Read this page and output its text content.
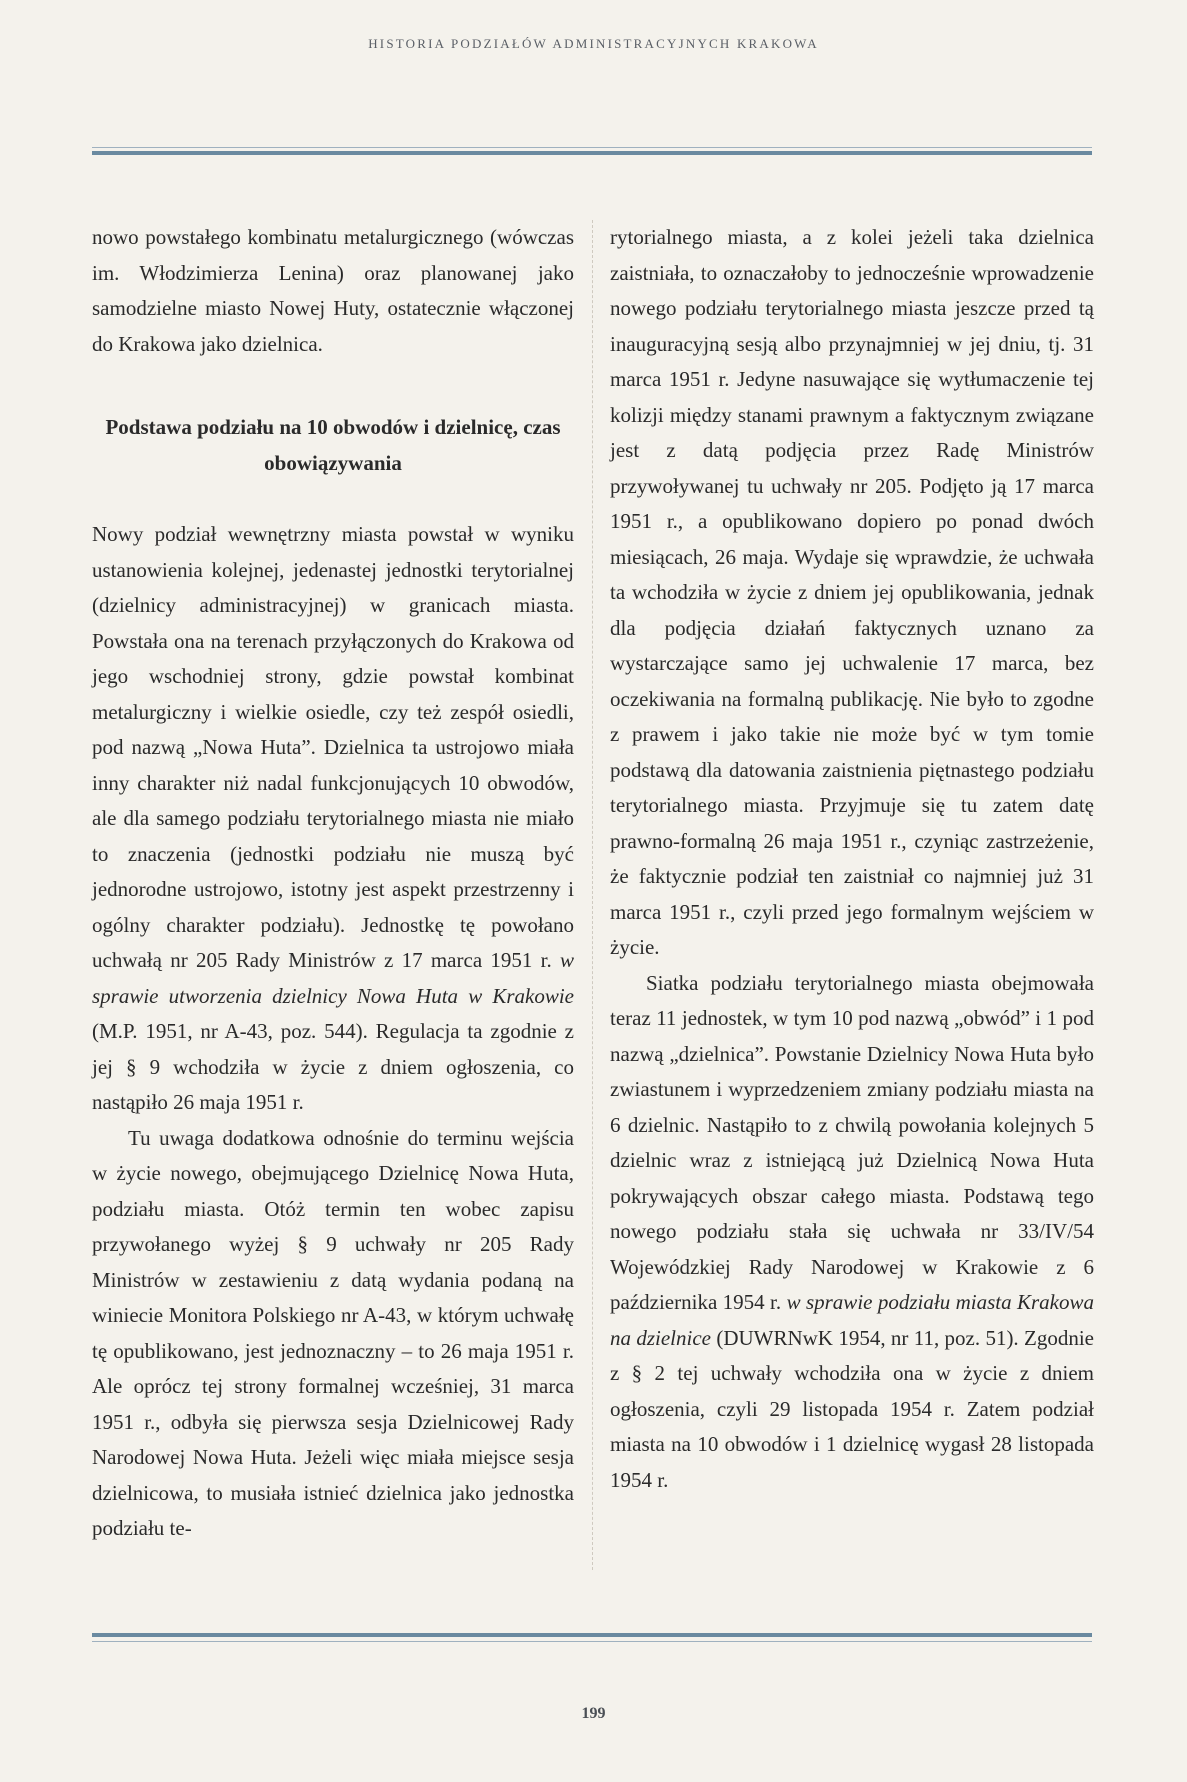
HISTORIA PODZIAŁÓW ADMINISTRACYJNYCH KRAKOWA

nowo powstałego kombinatu metalurgicznego (wówczas im. Włodzimierza Lenina) oraz planowanej jako samodzielne miasto Nowej Huty, ostatecznie włączonej do Krakowa jako dzielnica.

Podstawa podziału na 10 obwodów i dzielnicę, czas obowiązywania

Nowy podział wewnętrzny miasta powstał w wyniku ustanowienia kolejnej, jedenastej jednostki terytorialnej (dzielnicy administracyjnej) w granicach miasta. Powstała ona na terenach przyłączonych do Krakowa od jego wschodniej strony, gdzie powstał kombinat metalurgiczny i wielkie osiedle, czy też zespół osiedli, pod nazwą „Nowa Huta”. Dzielnica ta ustrojowo miała inny charakter niż nadal funkcjonujących 10 obwodów, ale dla samego podziału terytorialnego miasta nie miało to znaczenia (jednostki podziału nie muszą być jednorodne ustrojowo, istotny jest aspekt przestrzenny i ogólny charakter podziału). Jednostkę tę powołano uchwałą nr 205 Rady Ministrów z 17 marca 1951 r. w sprawie utworzenia dzielnicy Nowa Huta w Krakowie (M.P. 1951, nr A-43, poz. 544). Regulacja ta zgodnie z jej § 9 wchodziła w życie z dniem ogłoszenia, co nastąpiło 26 maja 1951 r.

Tu uwaga dodatkowa odnośnie do terminu wejścia w życie nowego, obejmującego Dzielnicę Nowa Huta, podziału miasta. Otóż termin ten wobec zapisu przywołanego wyżej § 9 uchwały nr 205 Rady Ministrów w zestawieniu z datą wydania podaną na winiecie Monitora Polskiego nr A-43, w którym uchwałę tę opublikowano, jest jednoznaczny – to 26 maja 1951 r. Ale oprócz tej strony formalnej wcześniej, 31 marca 1951 r., odbyła się pierwsza sesja Dzielnicowej Rady Narodowej Nowa Huta. Jeżeli więc miała miejsce sesja dzielnicowa, to musiała istnieć dzielnica jako jednostka podziału te-

rytorialnego miasta, a z kolei jeżeli taka dzielnica zaistniała, to oznaczałoby to jednocześnie wprowadzenie nowego podziału terytorialnego miasta jeszcze przed tą inauguracyjną sesją albo przynajmniej w jej dniu, tj. 31 marca 1951 r. Jedyne nasuwające się wytłumaczenie tej kolizji między stanami prawnym a faktycznym związane jest z datą podjęcia przez Radę Ministrów przywoływanej tu uchwały nr 205. Podjęto ją 17 marca 1951 r., a opublikowano dopiero po ponad dwóch miesiącach, 26 maja. Wydaje się wprawdzie, że uchwała ta wchodziła w życie z dniem jej opublikowania, jednak dla podjęcia działań faktycznych uznano za wystarczające samo jej uchwalenie 17 marca, bez oczekiwania na formalną publikację. Nie było to zgodne z prawem i jako takie nie może być w tym tomie podstawą dla datowania zaistnienia piętnastego podziału terytorialnego miasta. Przyjmuje się tu zatem datę prawno-formalną 26 maja 1951 r., czyniąc zastrzeżenie, że faktycznie podział ten zaistniał co najmniej już 31 marca 1951 r., czyli przed jego formalnym wejściem w życie.

Siatka podziału terytorialnego miasta obejmowała teraz 11 jednostek, w tym 10 pod nazwą „obwód” i 1 pod nazwą „dzielnica”. Powstanie Dzielnicy Nowa Huta było zwiastunem i wyprzedzeniem zmiany podziału miasta na 6 dzielnic. Nastąpiło to z chwilą powołania kolejnych 5 dzielnic wraz z istniejącą już Dzielnicą Nowa Huta pokrywających obszar całego miasta. Podstawą tego nowego podziału stała się uchwała nr 33/IV/54 Wojewódzkiej Rady Narodowej w Krakowie z 6 października 1954 r. w sprawie podziału miasta Krakowa na dzielnice (DUWRNwK 1954, nr 11, poz. 51). Zgodnie z § 2 tej uchwały wchodziła ona w życie z dniem ogłoszenia, czyli 29 listopada 1954 r. Zatem podział miasta na 10 obwodów i 1 dzielnicę wygasł 28 listopada 1954 r.

199
